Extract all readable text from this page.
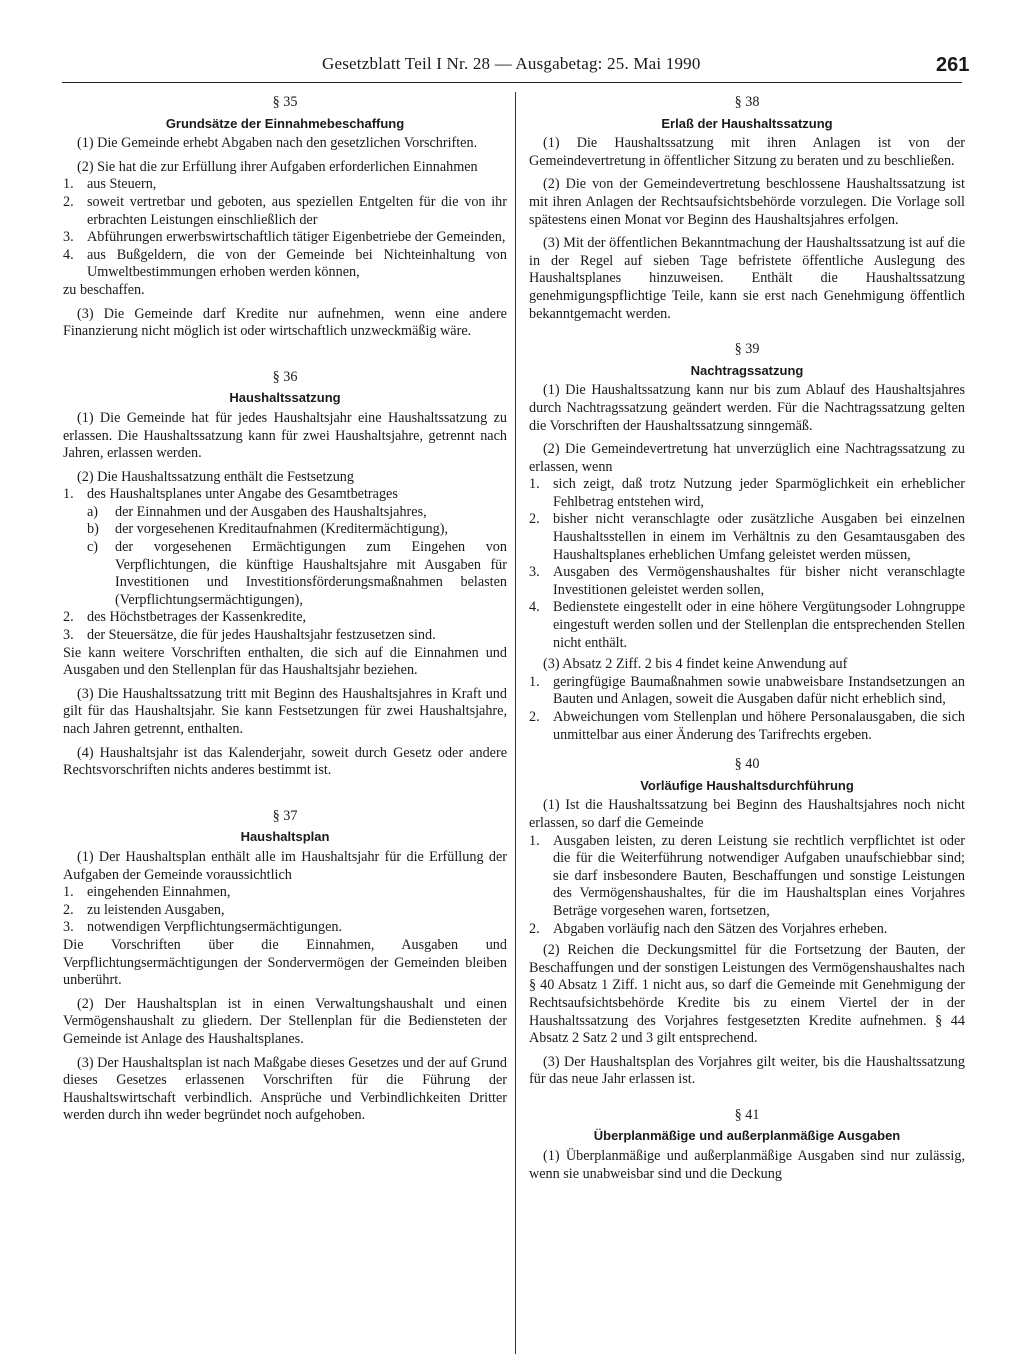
Gesetzblatt Teil I Nr. 28 — Ausgabetag: 25. Mai 1990	261
§ 35
Grundsätze der Einnahmebeschaffung

(1) Die Gemeinde erhebt Abgaben nach den gesetzlichen Vorschriften.

(2) Sie hat die zur Erfüllung ihrer Aufgaben erforderlichen Einnahmen

1. aus Steuern,
2. soweit vertretbar und geboten, aus speziellen Entgelten für die von ihr erbrachten Leistungen einschließlich der
3. Abführungen erwerbswirtschaftlich tätiger Eigenbetriebe der Gemeinden,
4. aus Bußgeldern, die von der Gemeinde bei Nichteinhaltung von Umweltbestimmungen erhoben werden können,

zu beschaffen.

(3) Die Gemeinde darf Kredite nur aufnehmen, wenn eine andere Finanzierung nicht möglich ist oder wirtschaftlich unzweckmäßig wäre.

§ 36
Haushaltssatzung

(1) Die Gemeinde hat für jedes Haushaltsjahr eine Haushaltssatzung zu erlassen. Die Haushaltssatzung kann für zwei Haushaltsjahre, getrennt nach Jahren, erlassen werden.

(2) Die Haushaltssatzung enthält die Festsetzung

1. des Haushaltsplanes unter Angabe des Gesamtbetrages
a)	der Einnahmen und der Ausgaben des Haushaltsjahres,
b)	der vorgesehenen Kreditaufnahmen (Kreditermächtigung),
c)	der vorgesehenen Ermächtigungen zum Eingehen von Verpflichtungen, die künftige Haushaltsjahre mit Ausgaben für Investitionen und Investitionsförderungsmaßnahmen belasten (Verpflichtungsermächtigungen),
2. des Höchstbetrages der Kassenkredite,
3. der Steuersätze, die für jedes Haushaltsjahr festzusetzen sind.

Sie kann weitere Vorschriften enthalten, die sich auf die Einnahmen und Ausgaben und den Stellenplan für das Haushaltsjahr beziehen.

(3) Die Haushaltssatzung tritt mit Beginn des Haushaltsjahres in Kraft und gilt für das Haushaltsjahr. Sie kann Festsetzungen für zwei Haushaltsjahre, nach Jahren getrennt, enthalten.

(4) Haushaltsjahr ist das Kalenderjahr, soweit durch Gesetz oder andere Rechtsvorschriften nichts anderes bestimmt ist.

§ 37
Haushaltsplan

(1) Der Haushaltsplan enthält alle im Haushaltsjahr für die Erfüllung der Aufgaben der Gemeinde voraussichtlich

1. eingehenden Einnahmen,
2. zu leistenden Ausgaben,
3. notwendigen Verpflichtungsermächtigungen.

Die Vorschriften über die Einnahmen, Ausgaben und Verpflichtungsermächtigungen der Sondervermögen der Gemeinden bleiben unberührt.

(2) Der Haushaltsplan ist in einen Verwaltungshaushalt und einen Vermögenshaushalt zu gliedern. Der Stellenplan für die Bediensteten der Gemeinde ist Anlage des Haushaltsplanes.

(3) Der Haushaltsplan ist nach Maßgabe dieses Gesetzes und der auf Grund dieses Gesetzes erlassenen Vorschriften für die Führung der Haushaltswirtschaft verbindlich. Ansprüche und Verbindlichkeiten Dritter werden durch ihn weder begründet noch aufgehoben.

§ 38
Erlaß der Haushaltssatzung

(1) Die Haushaltssatzung mit ihren Anlagen ist von der Gemeindevertretung in öffentlicher Sitzung zu beraten und zu beschließen.

(2) Die von der Gemeindevertretung beschlossene Haushaltssatzung ist mit ihren Anlagen der Rechtsaufsichtsbehörde vorzulegen. Die Vorlage soll spätestens einen Monat vor Beginn des Haushaltsjahres erfolgen.

(3) Mit der öffentlichen Bekanntmachung der Haushaltssatzung ist auf die in der Regel auf sieben Tage befristete öffentliche Auslegung des Haushaltsplanes hinzuweisen. Enthält die Haushaltssatzung genehmigungspflichtige Teile, kann sie erst nach Genehmigung öffentlich bekanntgemacht werden.

§ 39
Nachtragssatzung

(1) Die Haushaltssatzung kann nur bis zum Ablauf des Haushaltsjahres durch Nachtragssatzung geändert werden. Für die Nachtragssatzung gelten die Vorschriften der Haushaltssatzung sinngemäß.

(2) Die Gemeindevertretung hat unverzüglich eine Nachtragssatzung zu erlassen, wenn

1. sich zeigt, daß trotz Nutzung jeder Sparmöglichkeit ein erheblicher Fehlbetrag entstehen wird,
2. bisher nicht veranschlagte oder zusätzliche Ausgaben bei einzelnen Haushaltsstellen in einem im Verhältnis zu den Gesamtausgaben des Haushaltsplanes erheblichen Umfang geleistet werden müssen,
3. Ausgaben des Vermögenshaushaltes für bisher nicht veranschlagte Investitionen geleistet werden sollen,
4. Bedienstete eingestellt oder in eine höhere Vergütungsoder Lohngruppe eingestuft werden sollen und der Stellenplan die entsprechenden Stellen nicht enthält.

(3) Absatz 2 Ziff. 2 bis 4 findet keine Anwendung auf

1. geringfügige Baumaßnahmen sowie unabweisbare Instandsetzungen an Bauten und Anlagen, soweit die Ausgaben dafür nicht erheblich sind,
2. Abweichungen vom Stellenplan und höhere Personalausgaben, die sich unmittelbar aus einer Änderung des Tarifrechts ergeben.
§ 40
Vorläufige Haushaltsdurchführung

(1) Ist die Haushaltssatzung bei Beginn des Haushaltsjahres noch nicht erlassen, so darf die Gemeinde

1. Ausgaben leisten, zu deren Leistung sie rechtlich verpflichtet ist oder die für die Weiterführung notwendiger Aufgaben unaufschiebbar sind; sie darf insbesondere Bauten, Beschaffungen und sonstige Leistungen des Vermögenshaushaltes, für die im Haushaltsplan eines Vorjahres Beträge vorgesehen waren, fortsetzen,
2. Abgaben vorläufig nach den Sätzen des Vorjahres erheben.

(2) Reichen die Deckungsmittel für die Fortsetzung der Bauten, der Beschaffungen und der sonstigen Leistungen des Vermögenshaushaltes nach § 40 Absatz 1 Ziff. 1 nicht aus, so darf die Gemeinde mit Genehmigung der Rechtsaufsichtsbehörde Kredite bis zu einem Viertel der in der Haushaltssatzung des Vorjahres festgesetzten Kredite aufnehmen. § 44 Absatz 2 Satz 2 und 3 gilt entsprechend.

(3) Der Haushaltsplan des Vorjahres gilt weiter, bis die Haushaltssatzung für das neue Jahr erlassen ist.

§ 41
Überplanmäßige und außerplanmäßige Ausgaben

(1) Überplanmäßige und außerplanmäßige Ausgaben sind nur zulässig, wenn sie unabweisbar sind und die Deckung
